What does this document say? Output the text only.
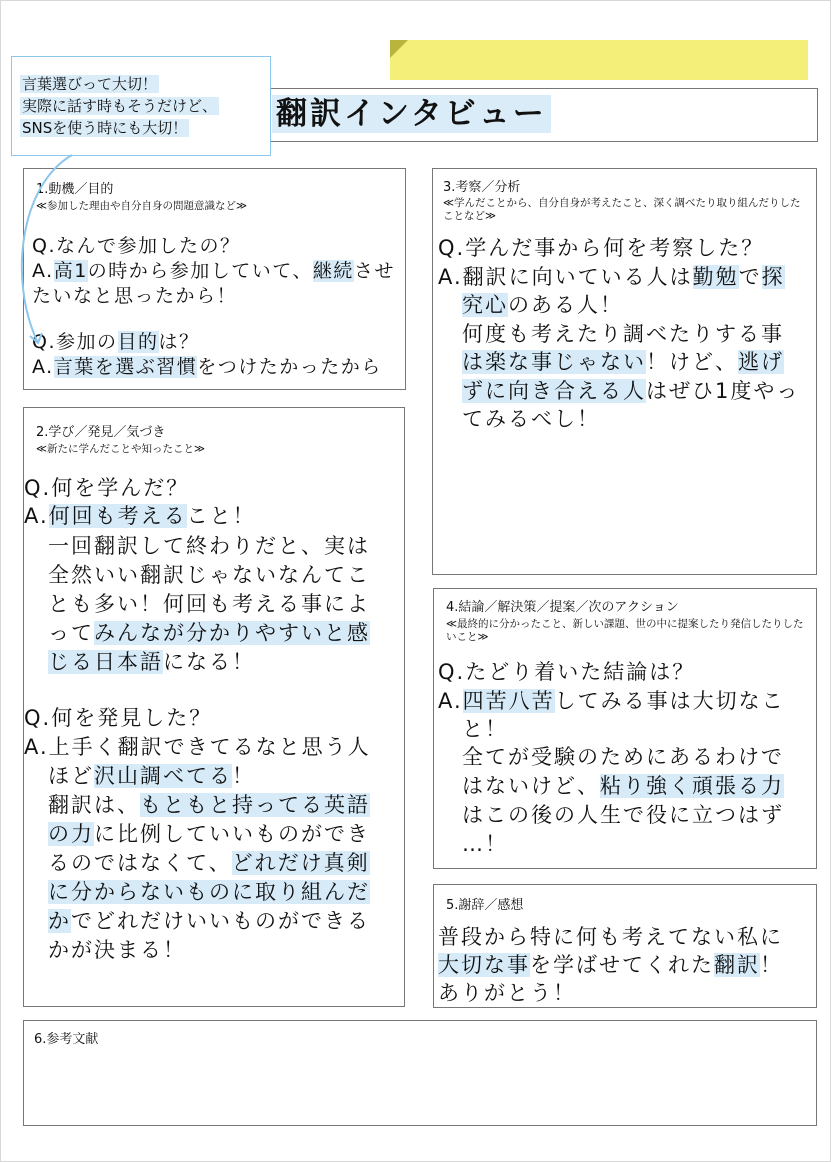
翻訳インタビュー
言葉選びって大切！
実際に話す時もそうだけど、
SNSを使う時にも大切！
1.動機／目的
≪参加した理由や自分自身の問題意識など≫
Q.なんで参加したの？
A.高1の時から参加していて、継続させ
たいなと思ったから！
Q.参加の目的は？
A.言葉を選ぶ習慣をつけたかったから
2.学び／発見／気づき
≪新たに学んだことや知ったこと≫
Q.何を学んだ？
A.何回も考えること！
一回翻訳して終わりだと、実は
全然いい翻訳じゃないなんてこ
とも多い！何回も考える事によ
ってみんなが分かりやすいと感
じる日本語になる！
Q.何を発見した？
A.上手く翻訳できてるなと思う人
ほど沢山調べてる！
翻訳は、もともと持ってる英語
の力に比例していいものができ
るのではなくて、どれだけ真剣
に分からないものに取り組んだ
かでどれだけいいものができる
かが決まる！
3.考察／分析
≪学んだことから、自分自身が考えたこと、深く調べたり取り組んだりしたことなど≫
Q.学んだ事から何を考察した？
A.翻訳に向いている人は勤勉で探
究心のある人！
何度も考えたり調べたりする事
は楽な事じゃない！けど、逃げ
ずに向き合える人はぜひ1度やっ
てみるべし！
4.結論／解決策／提案／次のアクション
≪最終的に分かったこと、新しい課題、世の中に提案したり発信したりしたいこと≫
Q.たどり着いた結論は？
A.四苦八苦してみる事は大切なこ
と！
全てが受験のためにあるわけで
はないけど、粘り強く頑張る力
はこの後の人生で役に立つはず
…！
5.謝辞／感想
普段から特に何も考えてない私に
大切な事を学ばせてくれた翻訳！
ありがとう！
6.参考文献
